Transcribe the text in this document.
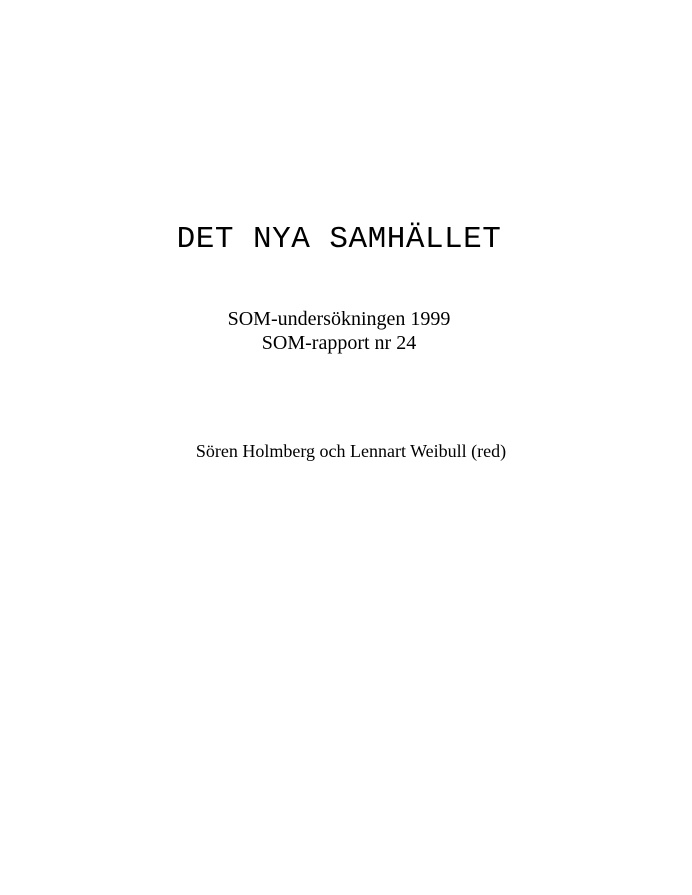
DET NYA SAMHÄLLET
SOM-undersökningen 1999
SOM-rapport nr 24
Sören Holmberg och Lennart Weibull (red)
